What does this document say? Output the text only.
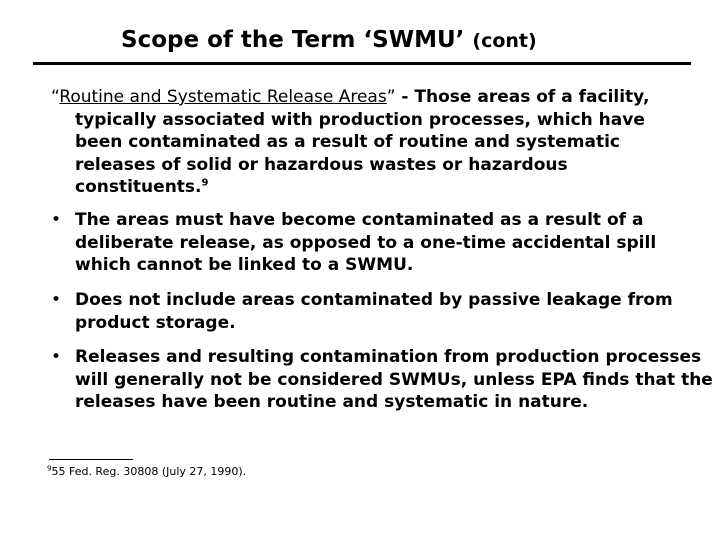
Scope of the Term ‘SWMU’ (cont)
“Routine and Systematic Release Areas” - Those areas of a facility, typically associated with production processes, which have been contaminated as a result of routine and systematic releases of solid or hazardous wastes or hazardous constituents.$^9$
• The areas must have become contaminated as a result of a deliberate release, as opposed to a one-time accidental spill which cannot be linked to a SWMU.
• Does not include areas contaminated by passive leakage from product storage.
• Releases and resulting contamination from production processes will generally not be considered SWMUs, unless EPA finds that the releases have been routine and systematic in nature.
$^9$55 Fed. Reg. 30808 (July 27, 1990).
